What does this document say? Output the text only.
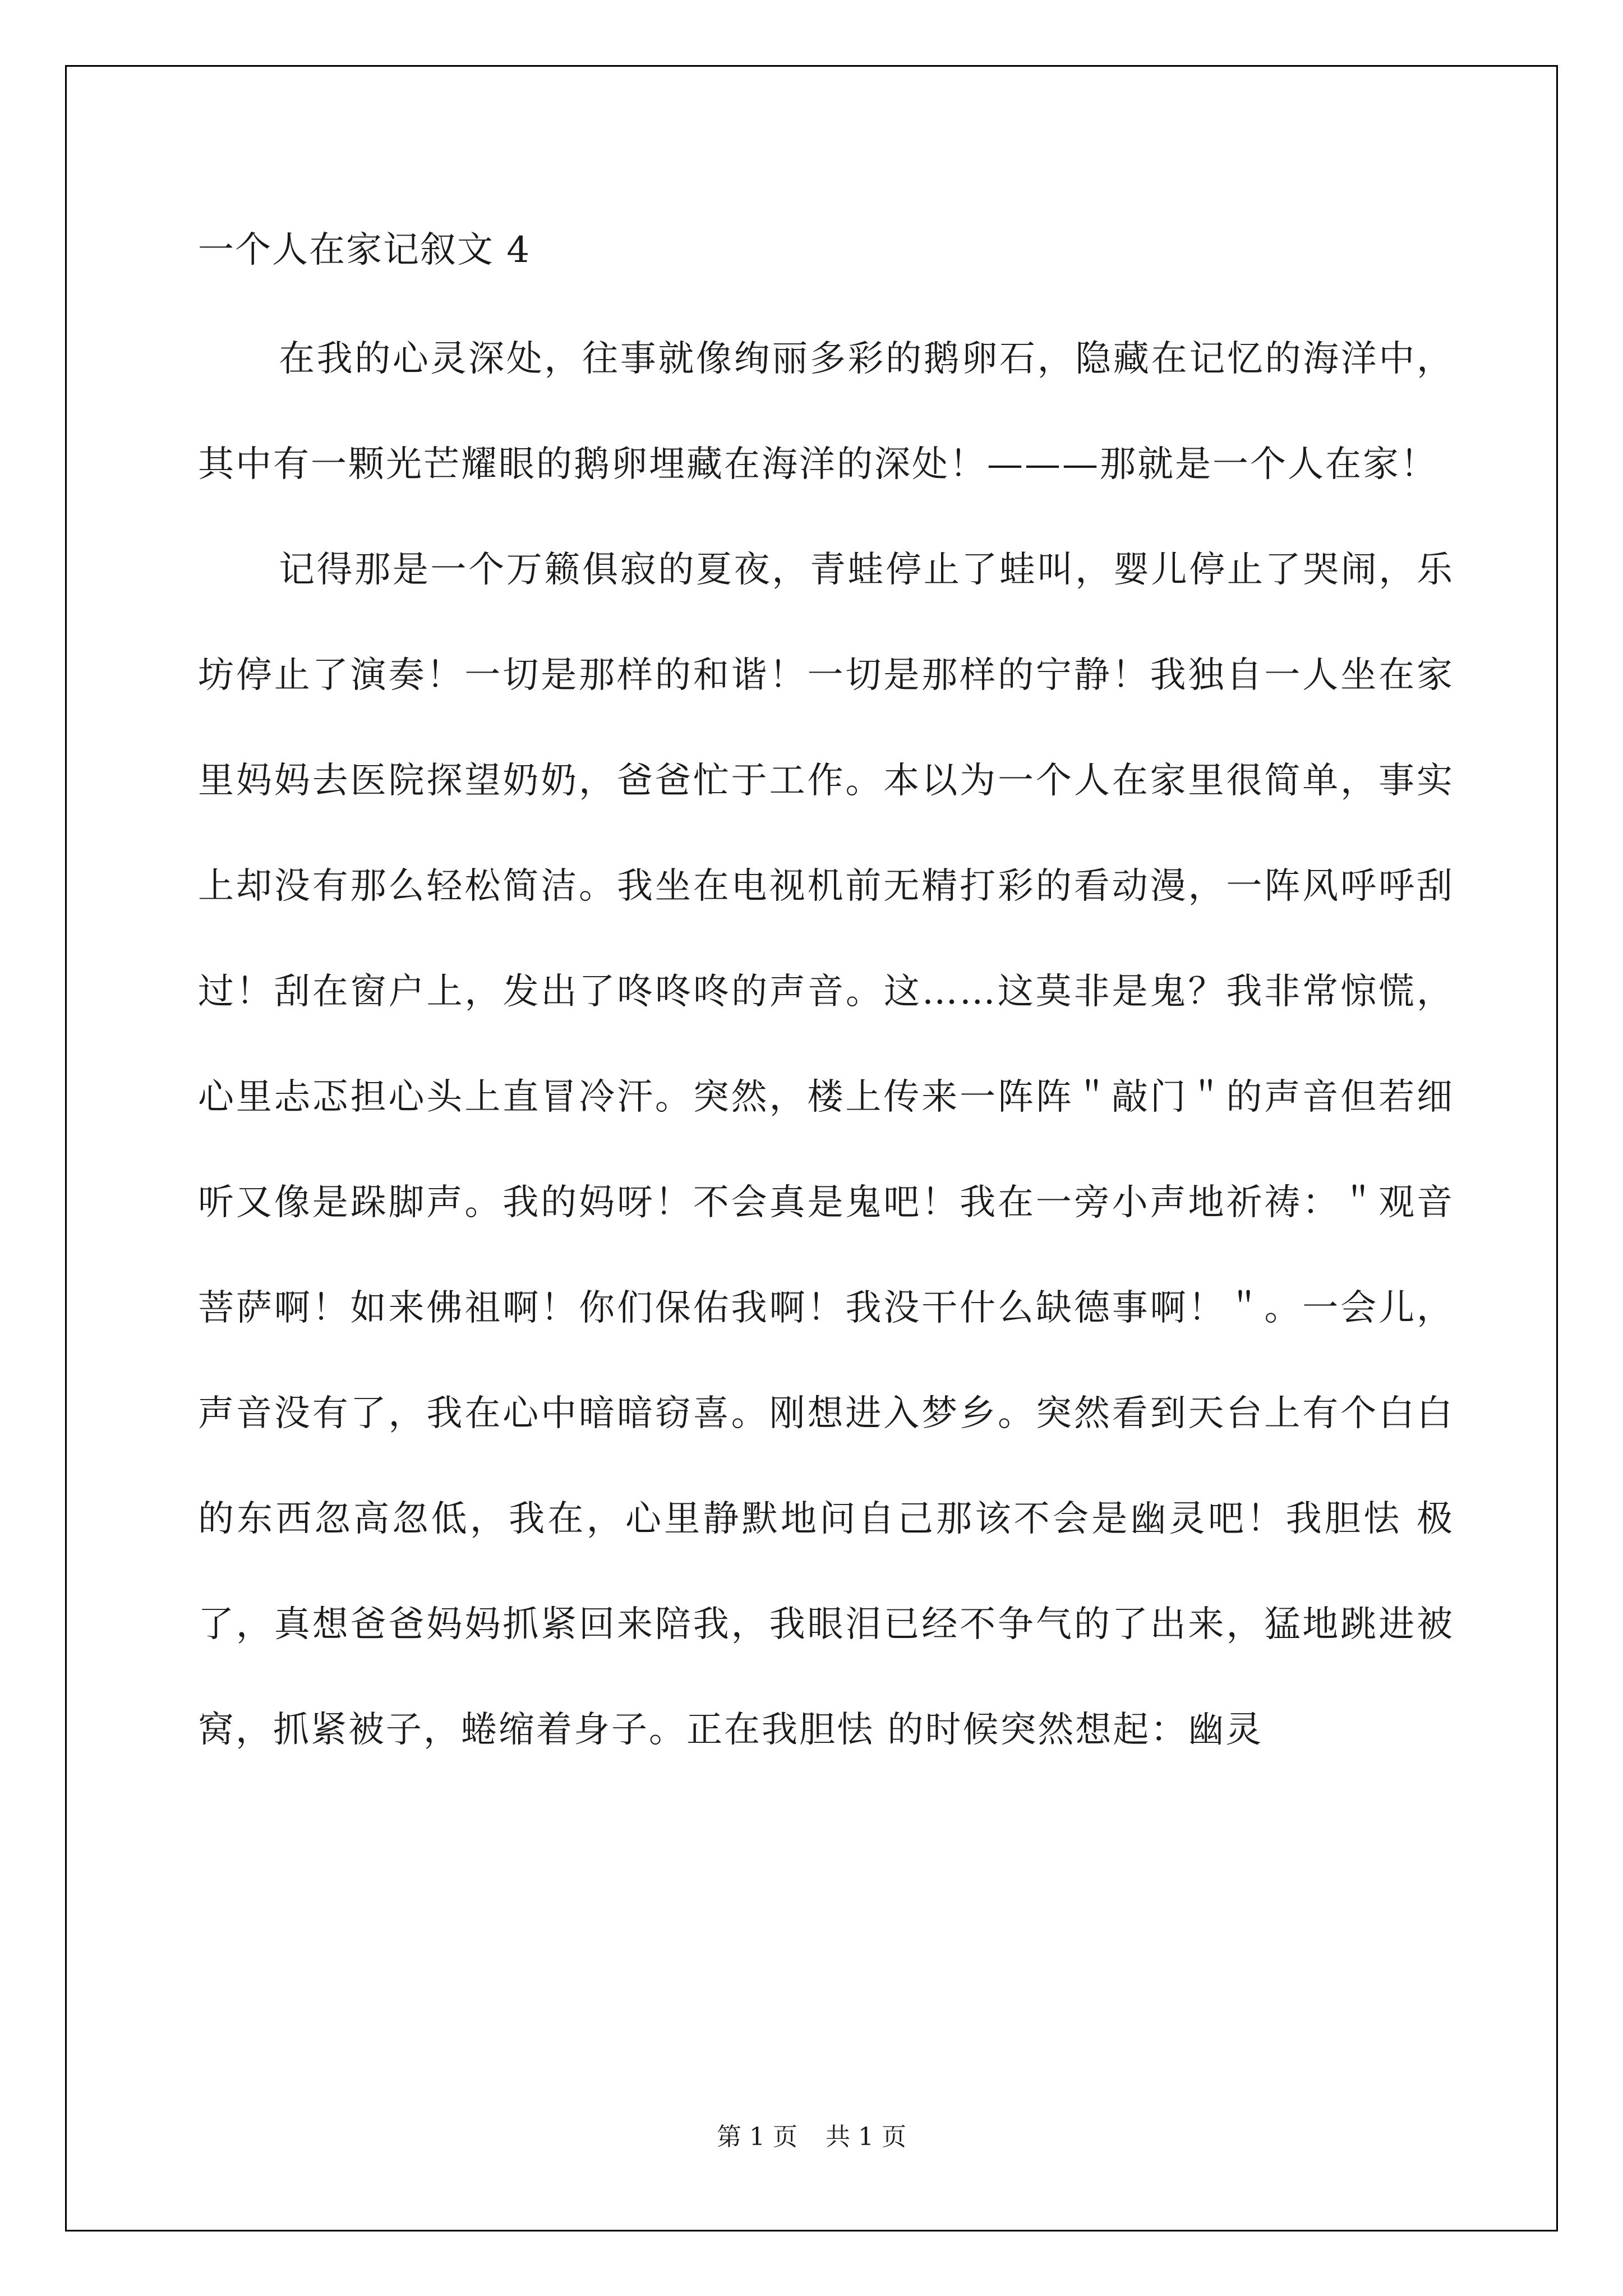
一个人在家记叙文 4

在我的心灵深处，往事就像绚丽多彩的鹅卵石，隐藏在记忆的海洋中，其中有一颗光芒耀眼的鹅卵埋藏在海洋的深处！———那就是一个人在家！

记得那是一个万籁俱寂的夏夜，青蛙停止了蛙叫，婴儿停止了哭闹，乐坊停止了演奏！一切是那样的和谐！一切是那样的宁静！我独自一人坐在家里妈妈去医院探望奶奶，爸爸忙于工作。本以为一个人在家里很简单，事实上却没有那么轻松简洁。我坐在电视机前无精打彩的看动漫，一阵风呼呼刮过！刮在窗户上，发出了咚咚咚的声音。这……这莫非是鬼？我非常惊慌，心里忐忑担心头上直冒冷汗。突然，楼上传来一阵阵＂敲门＂的声音但若细听又像是跺脚声。我的妈呀！不会真是鬼吧！我在一旁小声地祈祷：＂观音菩萨啊！如来佛祖啊！你们保佑我啊！我没干什么缺德事啊！＂。一会儿，声音没有了，我在心中暗暗窃喜。刚想进入梦乡。突然看到天台上有个白白的东西忽高忽低，我在，心里静默地问自己那该不会是幽灵吧！我胆怯 极了，真想爸爸妈妈抓紧回来陪我，我眼泪已经不争气的了出来，猛地跳进被窝，抓紧被子，蜷缩着身子。正在我胆怯 的时候突然想起：幽灵

第 1 页 共 1 页
